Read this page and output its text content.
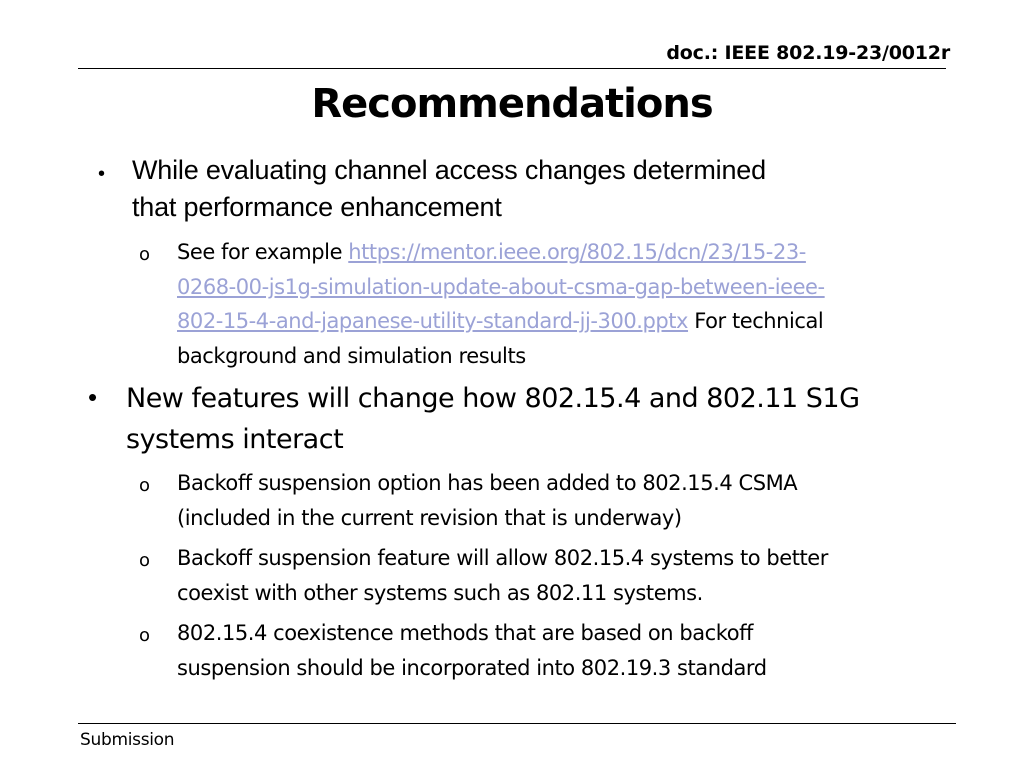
doc.: IEEE 802.19-23/0012r
Recommendations
• While evaluating channel access changes determined
that performance enhancement
o See for example https://mentor.ieee.org/802.15/dcn/23/15-23-
0268-00-js1g-simulation-update-about-csma-gap-between-ieee-
802-15-4-and-japanese-utility-standard-jj-300.pptx For technical
background and simulation results
• New features will change how 802.15.4 and 802.11 S1G
systems interact
o Backoff suspension option has been added to 802.15.4 CSMA
(included in the current revision that is underway)
o Backoff suspension feature will allow 802.15.4 systems to better
coexist with other systems such as 802.11 systems.
o 802.15.4 coexistence methods that are based on backoff
suspension should be incorporated into 802.19.3 standard
Submission
